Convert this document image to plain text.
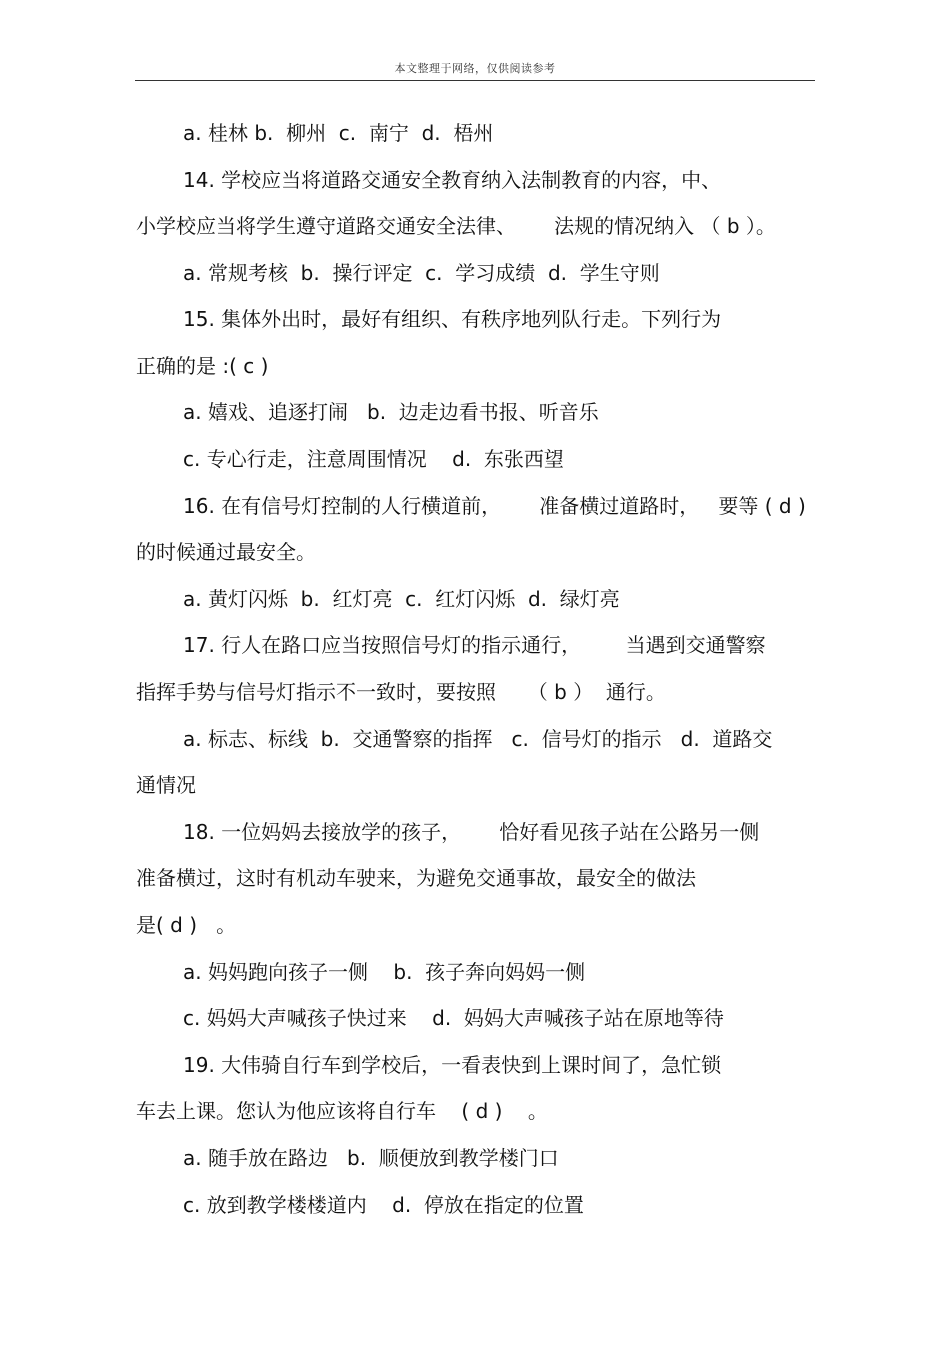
本文整理于网络，仅供阅读参考
a. 桂林 b.  柳州  c.  南宁  d.  梧州
14. 学校应当将道路交通安全教育纳入法制教育的内容，中、
小学校应当将学生遵守道路交通安全法律、      法规的情况纳入 （ b ）。
a. 常规考核  b.  操行评定  c.  学习成绩  d.  学生守则
15. 集体外出时，最好有组织、有秩序地列队行走。下列行为
正确的是 :( c )
a. 嬉戏、追逐打闹   b.  边走边看书报、听音乐
c. 专心行走，注意周围情况    d.  东张西望
16. 在有信号灯控制的人行横道前，      准备横过道路时，   要等 ( d )
的时候通过最安全。
a. 黄灯闪烁  b.  红灯亮  c.  红灯闪烁  d.  绿灯亮
17. 行人在路口应当按照信号灯的指示通行，       当遇到交通警察
指挥手势与信号灯指示不一致时，要按照     （ b ）  通行。
a. 标志、标线  b.  交通警察的指挥   c.  信号灯的指示   d.  道路交
通情况
18. 一位妈妈去接放学的孩子，      恰好看见孩子站在公路另一侧
准备横过，这时有机动车驶来，为避免交通事故，最安全的做法
是( d )   。
a. 妈妈跑向孩子一侧    b.  孩子奔向妈妈一侧
c. 妈妈大声喊孩子快过来    d.  妈妈大声喊孩子站在原地等待
19. 大伟骑自行车到学校后，一看表快到上课时间了，急忙锁
车去上课。您认为他应该将自行车    ( d )    。
a. 随手放在路边   b.  顺便放到教学楼门口
c. 放到教学楼楼道内    d.  停放在指定的位置
